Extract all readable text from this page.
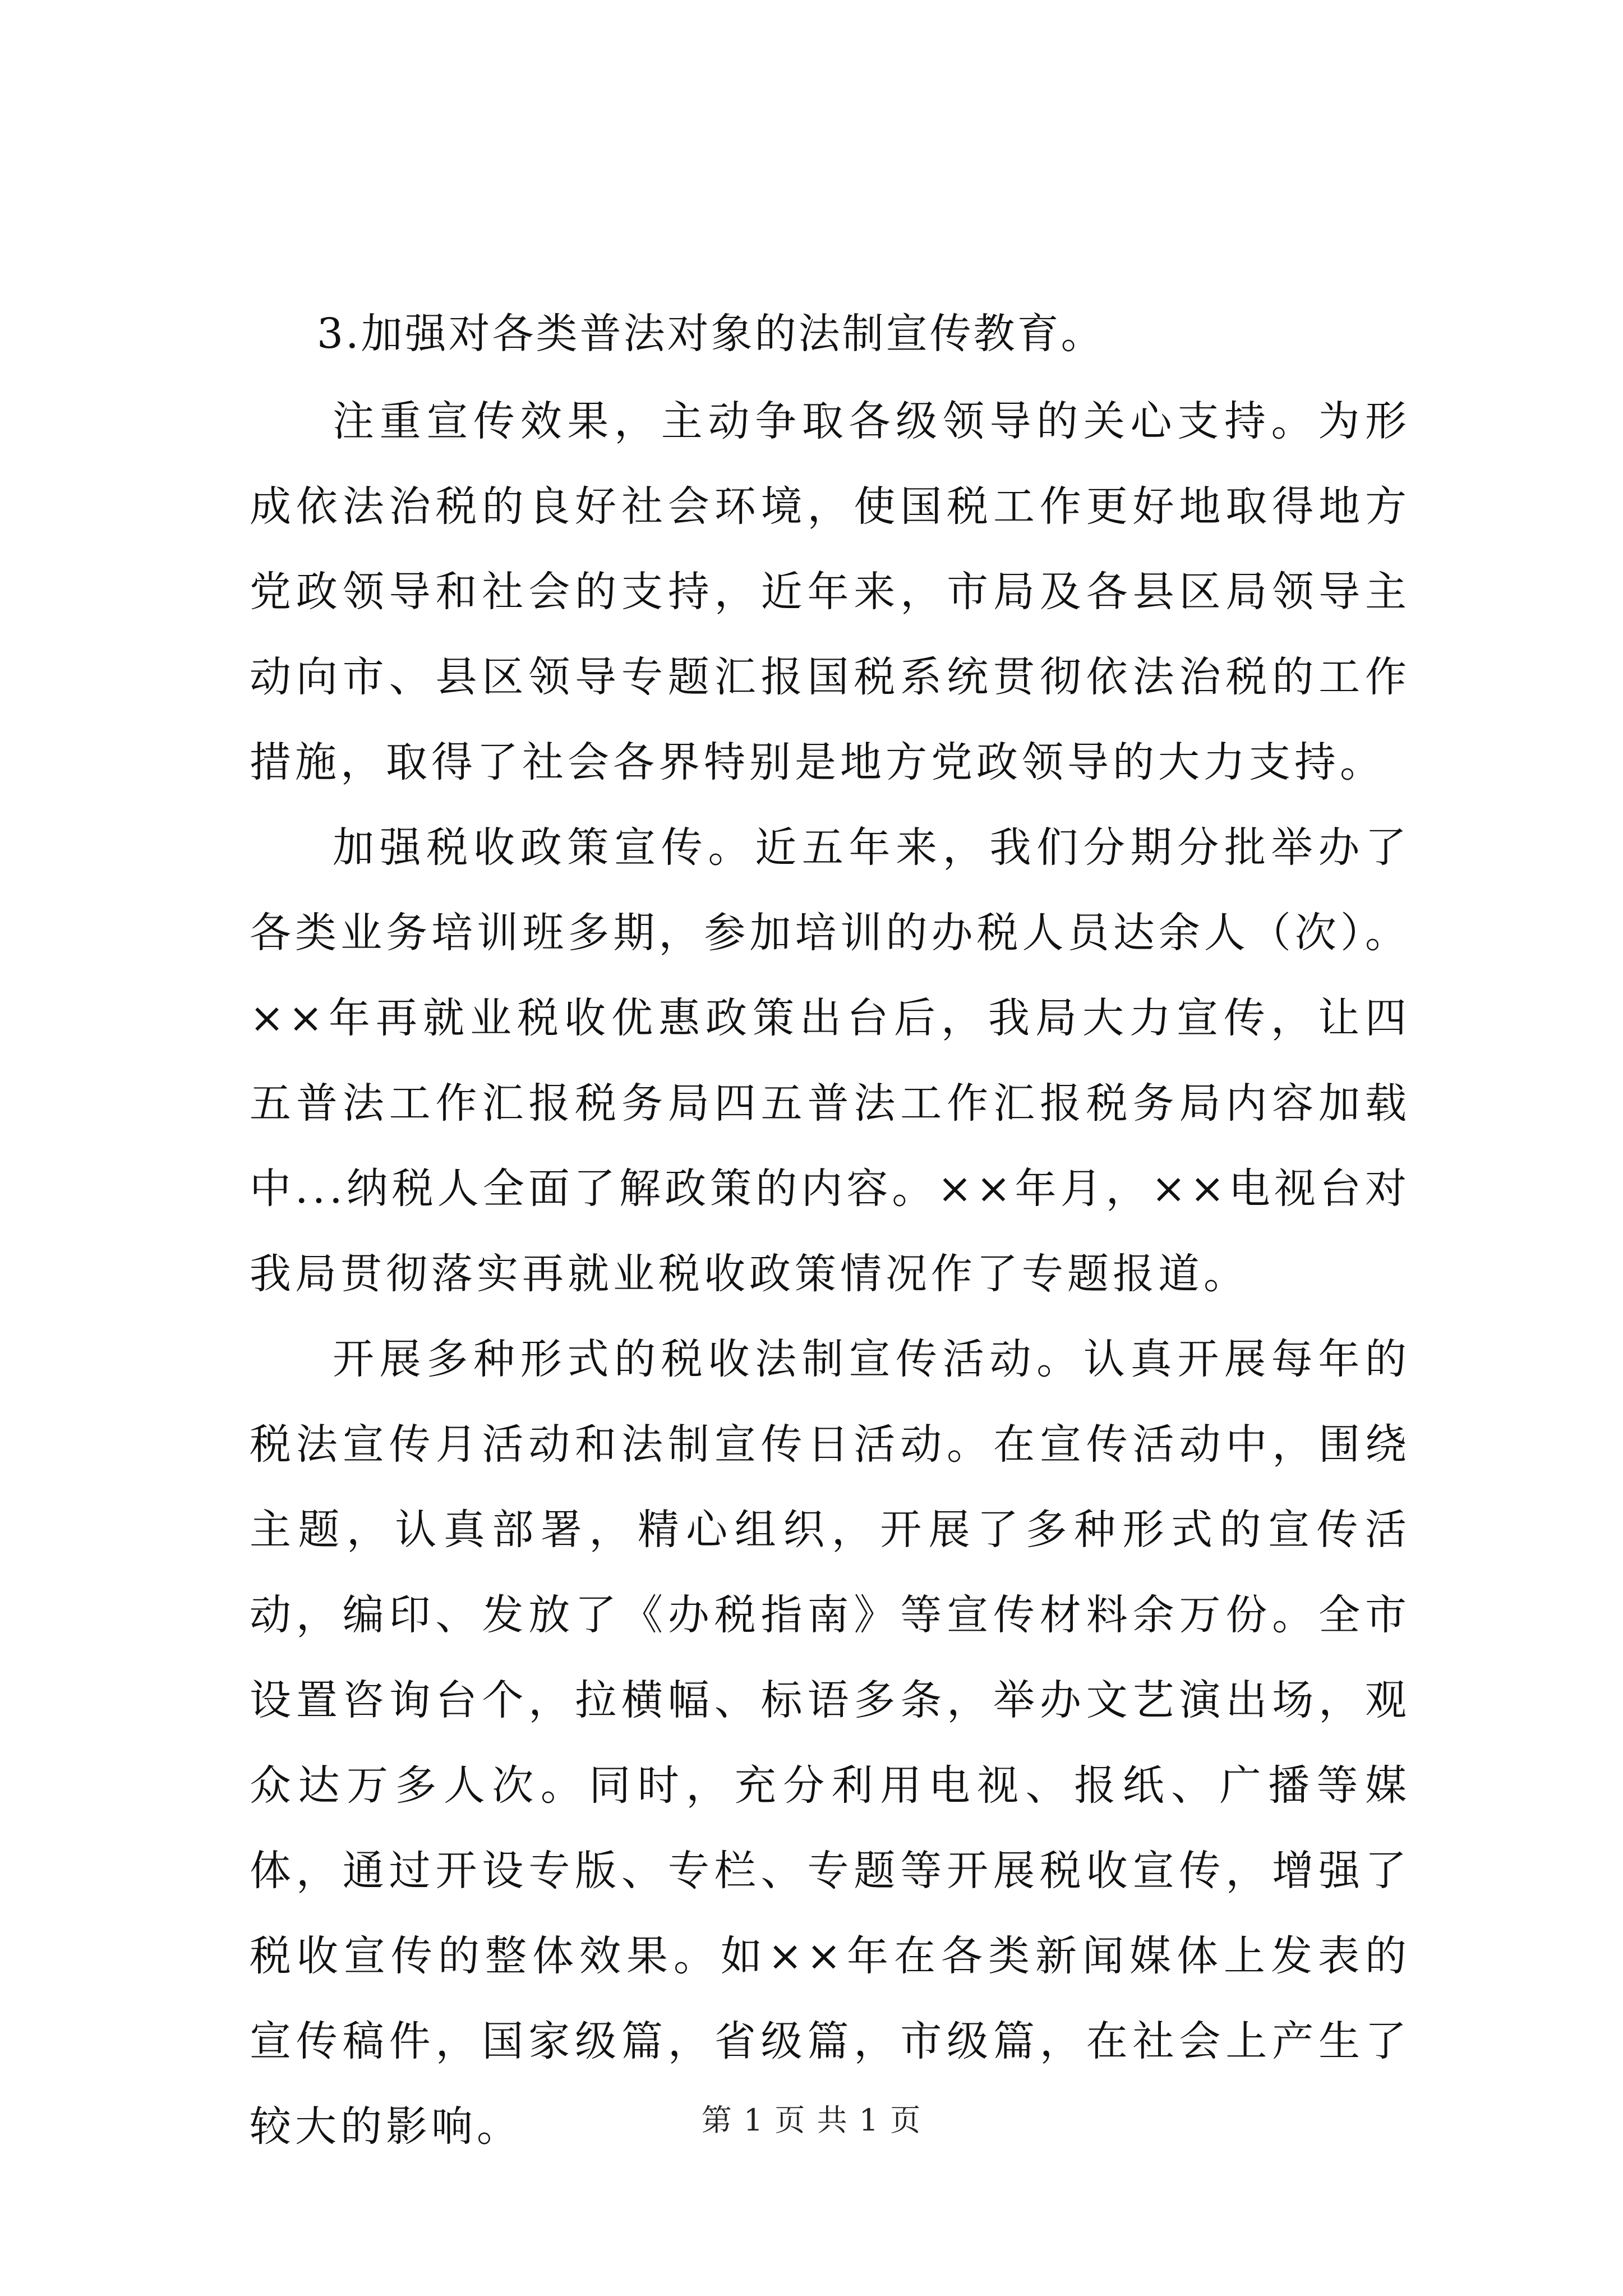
3.加强对各类普法对象的法制宣传教育。

注重宣传效果，主动争取各级领导的关心支持。为形成依法治税的良好社会环境，使国税工作更好地取得地方党政领导和社会的支持，近年来，市局及各县区局领导主动向市、县区领导专题汇报国税系统贯彻依法治税的工作措施，取得了社会各界特别是地方党政领导的大力支持。

加强税收政策宣传。近五年来，我们分期分批举办了各类业务培训班多期，参加培训的办税人员达余人（次）。××年再就业税收优惠政策出台后，我局大力宣传，让四五普法工作汇报税务局四五普法工作汇报税务局内容加载中...纳税人全面了解政策的内容。××年月，××电视台对我局贯彻落实再就业税收政策情况作了专题报道。

开展多种形式的税收法制宣传活动。认真开展每年的税法宣传月活动和法制宣传日活动。在宣传活动中，围绕主题，认真部署，精心组织，开展了多种形式的宣传活动，编印、发放了《办税指南》等宣传材料余万份。全市设置咨询台个，拉横幅、标语多条，举办文艺演出场，观众达万多人次。同时，充分利用电视、报纸、广播等媒体，通过开设专版、专栏、专题等开展税收宣传，增强了税收宣传的整体效果。如××年在各类新闻媒体上发表的宣传稿件，国家级篇，省级篇，市级篇，在社会上产生了较大的影响。	第 1 页 共 1 页
